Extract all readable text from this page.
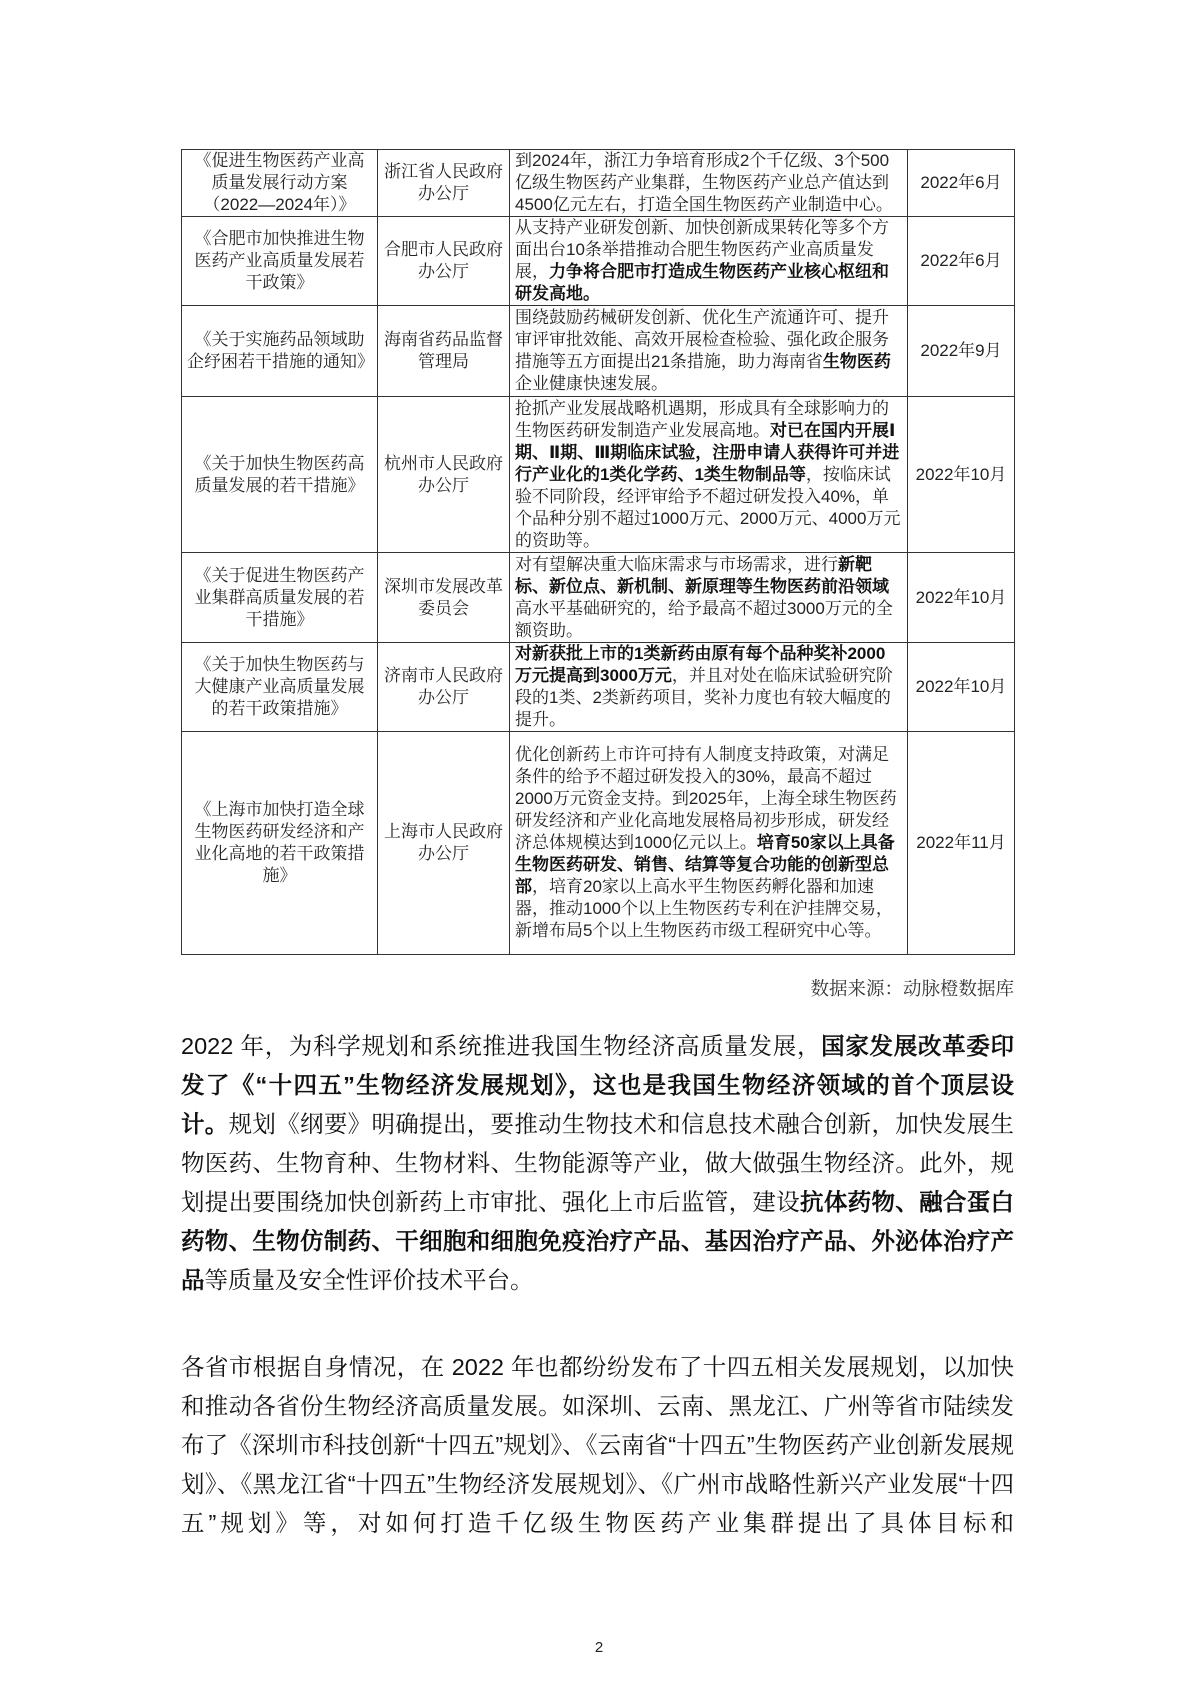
《促进生物医药产业高质量发展行动方案（2022—2024年）》	浙江省人民政府办公厅	到2024年，浙江力争培育形成2个千亿级、3个500亿级生物医药产业集群，生物医药产业总产值达到4500亿元左右，打造全国生物医药产业制造中心。	2022年6月
《合肥市加快推进生物医药产业高质量发展若干政策》	合肥市人民政府办公厅	从支持产业研发创新、加快创新成果转化等多个方面出台10条举措推动合肥生物医药产业高质量发展，力争将合肥市打造成生物医药产业核心枢纽和研发高地。	2022年6月
《关于实施药品领域助企纾困若干措施的通知》	海南省药品监督管理局	围绕鼓励药械研发创新、优化生产流通许可、提升审评审批效能、高效开展检查检验、强化政企服务措施等五方面提出21条措施，助力海南省生物医药企业健康快速发展。	2022年9月
《关于加快生物医药高质量发展的若干措施》	杭州市人民政府办公厅	抢抓产业发展战略机遇期，形成具有全球影响力的生物医药研发制造产业发展高地。对已在国内开展Ⅰ期、Ⅱ期、Ⅲ期临床试验，注册申请人获得许可并进行产业化的1类化学药、1类生物制品等，按临床试验不同阶段，经评审给予不超过研发投入40%，单个品种分别不超过1000万元、2000万元、4000万元的资助等。	2022年10月
《关于促进生物医药产业集群高质量发展的若干措施》	深圳市发展改革委员会	对有望解决重大临床需求与市场需求，进行新靶标、新位点、新机制、新原理等生物医药前沿领域高水平基础研究的，给予最高不超过3000万元的全额资助。	2022年10月
《关于加快生物医药与大健康产业高质量发展的若干政策措施》	济南市人民政府办公厅	对新获批上市的1类新药由原有每个品种奖补2000万元提高到3000万元，并且对处在临床试验研究阶段的1类、2类新药项目，奖补力度也有较大幅度的提升。	2022年10月
《上海市加快打造全球生物医药研发经济和产业化高地的若干政策措施》	上海市人民政府办公厅	优化创新药上市许可持有人制度支持政策，对满足条件的给予不超过研发投入的30%，最高不超过2000万元资金支持。到2025年，上海全球生物医药研发经济和产业化高地发展格局初步形成，研发经济总体规模达到1000亿元以上。培育50家以上具备生物医药研发、销售、结算等复合功能的创新型总部，培育20家以上高水平生物医药孵化器和加速器，推动1000个以上生物医药专利在沪挂牌交易，新增布局5个以上生物医药市级工程研究中心等。	2022年11月
数据来源：动脉橙数据库

2022 年，为科学规划和系统推进我国生物经济高质量发展，国家发展改革委印发了《“十四五”生物经济发展规划》，这也是我国生物经济领域的首个顶层设计。规划《纲要》明确提出，要推动生物技术和信息技术融合创新，加快发展生物医药、生物育种、生物材料、生物能源等产业，做大做强生物经济。此外，规划提出要围绕加快创新药上市审批、强化上市后监管，建设抗体药物、融合蛋白药物、生物仿制药、干细胞和细胞免疫治疗产品、基因治疗产品、外泌体治疗产品等质量及安全性评价技术平台。

各省市根据自身情况，在 2022 年也都纷纷发布了十四五相关发展规划，以加快和推动各省份生物经济高质量发展。如深圳、云南、黑龙江、广州等省市陆续发布了《深圳市科技创新“十四五”规划》、《云南省“十四五”生物医药产业创新发展规划》、《黑龙江省“十四五”生物经济发展规划》、《广州市战略性新兴产业发展“十四五”规划》等，对如何打造千亿级生物医药产业集群提出了具体目标和

2
